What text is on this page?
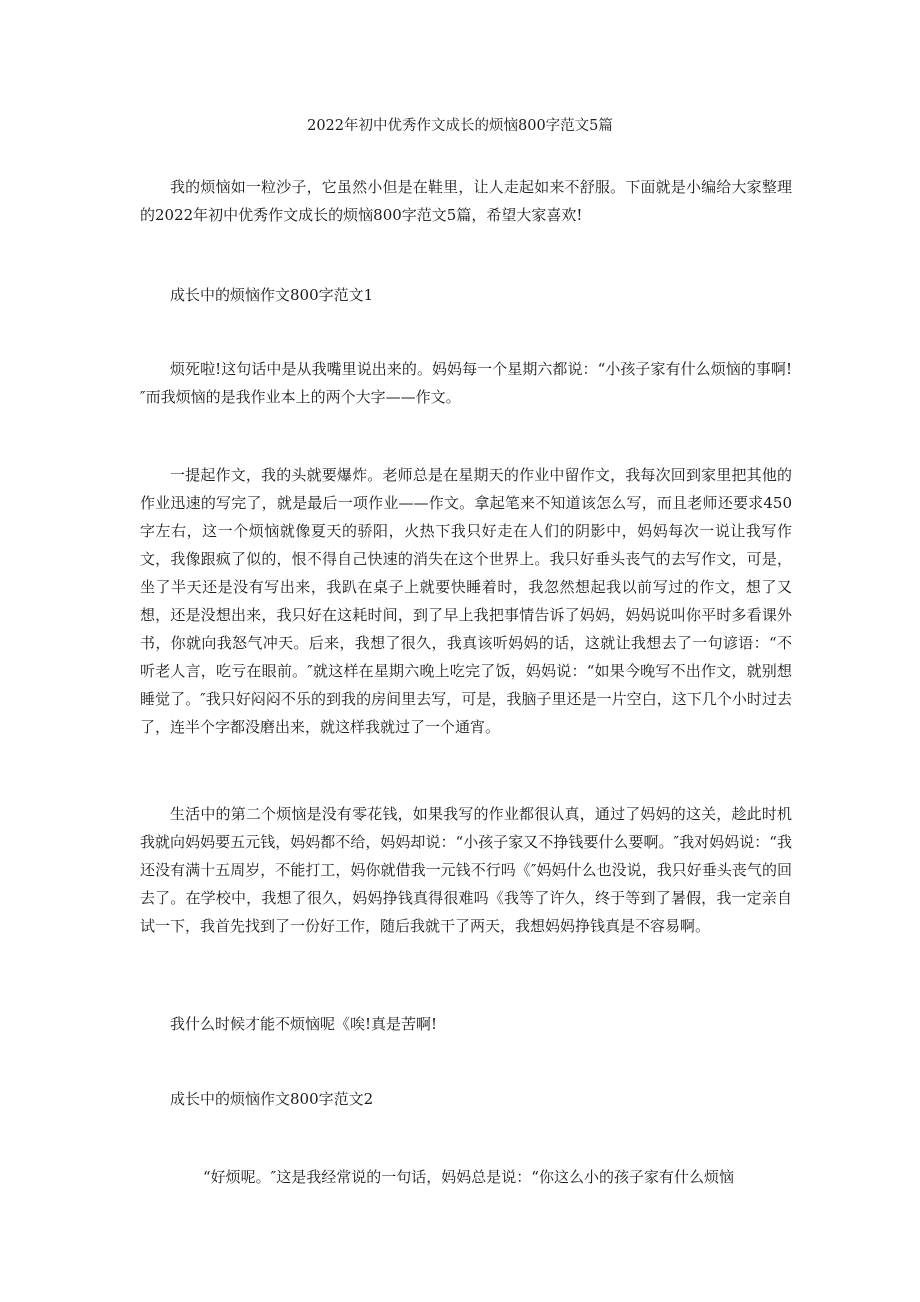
2022年初中优秀作文成长的烦恼800字范文5篇

我的烦恼如一粒沙子，它虽然小但是在鞋里，让人走起如来不舒服。下面就是小编给大家整理的2022年初中优秀作文成长的烦恼800字范文5篇，希望大家喜欢!

成长中的烦恼作文800字范文1

烦死啦!这句话中是从我嘴里说出来的。妈妈每一个星期六都说：“小孩子家有什么烦恼的事啊!″而我烦恼的是我作业本上的两个大字——作文。

一提起作文，我的头就要爆炸。老师总是在星期天的作业中留作文，我每次回到家里把其他的作业迅速的写完了，就是最后一项作业——作文。拿起笔来不知道该怎么写，而且老师还要求450字左右，这一个烦恼就像夏天的骄阳，火热下我只好走在人们的阴影中，妈妈每次一说让我写作文，我像跟疯了似的，恨不得自己快速的消失在这个世界上。我只好垂头丧气的去写作文，可是，坐了半天还是没有写出来，我趴在桌子上就要快睡着时，我忽然想起我以前写过的作文，想了又想，还是没想出来，我只好在这耗时间，到了早上我把事情告诉了妈妈，妈妈说叫你平时多看课外书，你就向我怒气冲天。后来，我想了很久，我真该听妈妈的话，这就让我想去了一句谚语：“不听老人言，吃亏在眼前。″就这样在星期六晚上吃完了饭，妈妈说：“如果今晚写不出作文，就别想睡觉了。″我只好闷闷不乐的到我的房间里去写，可是，我脑子里还是一片空白，这下几个小时过去了，连半个字都没磨出来，就这样我就过了一个通宵。

生活中的第二个烦恼是没有零花钱，如果我写的作业都很认真，通过了妈妈的这关，趁此时机我就向妈妈要五元钱，妈妈都不给，妈妈却说：“小孩子家又不挣钱要什么要啊。″我对妈妈说：“我还没有满十五周岁，不能打工，妈你就借我一元钱不行吗《″妈妈什么也没说，我只好垂头丧气的回去了。在学校中，我想了很久，妈妈挣钱真得很难吗《我等了许久，终于等到了暑假，我一定亲自试一下，我首先找到了一份好工作，随后我就干了两天，我想妈妈挣钱真是不容易啊。

我什么时候才能不烦恼呢《唉!真是苦啊!

成长中的烦恼作文800字范文2

“好烦呢。″这是我经常说的一句话，妈妈总是说：“你这么小的孩子家有什么烦恼
